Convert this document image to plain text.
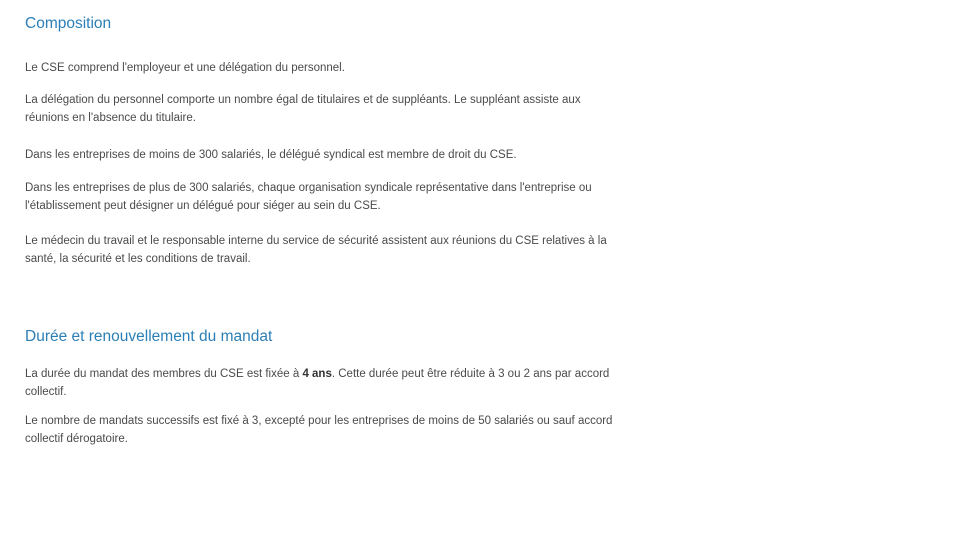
Composition

Le CSE comprend l'employeur et une délégation du personnel.

La délégation du personnel comporte un nombre égal de titulaires et de suppléants. Le suppléant assiste aux réunions en l'absence du titulaire.

Dans les entreprises de moins de 300 salariés, le délégué syndical est membre de droit du CSE.

Dans les entreprises de plus de 300 salariés, chaque organisation syndicale représentative dans l'entreprise ou l'établissement peut désigner un délégué pour siéger au sein du CSE.

Le médecin du travail et le responsable interne du service de sécurité assistent aux réunions du CSE relatives à la santé, la sécurité et les conditions de travail.

Durée et renouvellement du mandat

La durée du mandat des membres du CSE est fixée à 4 ans. Cette durée peut être réduite à 3 ou 2 ans par accord collectif.

Le nombre de mandats successifs est fixé à 3, excepté pour les entreprises de moins de 50 salariés ou sauf accord collectif dérogatoire.
